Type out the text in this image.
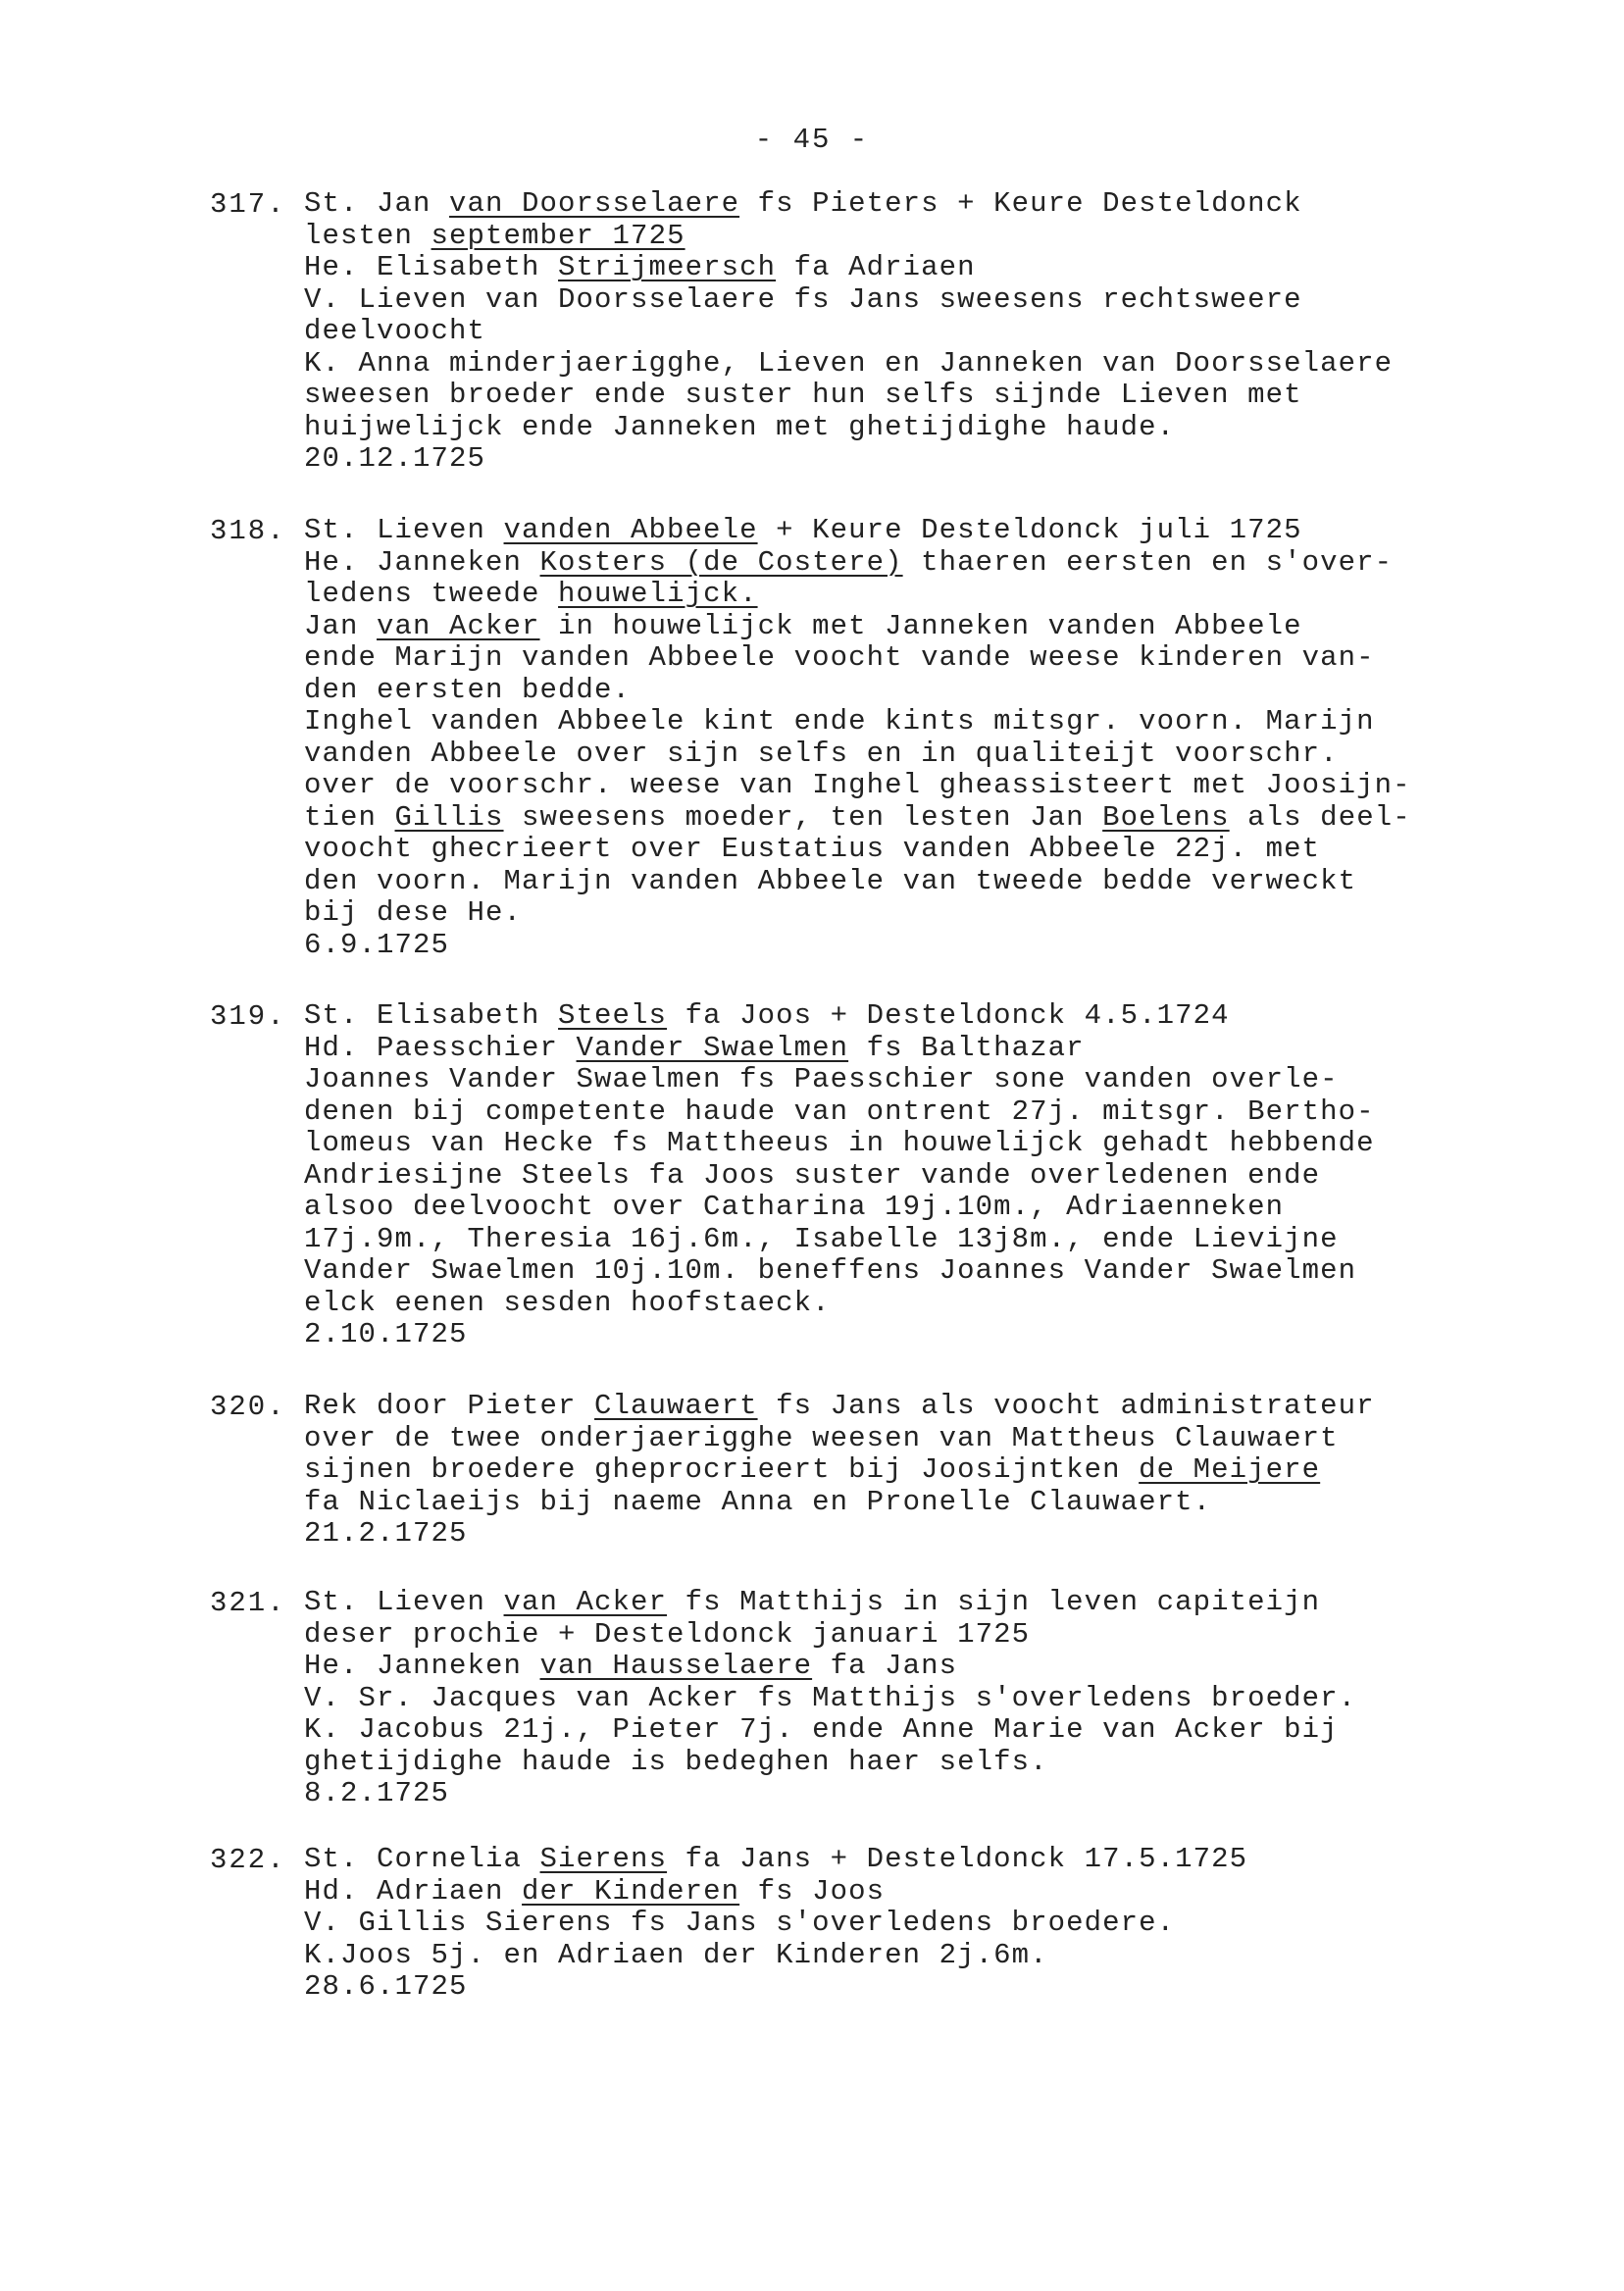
- 45 -
317. St. Jan van Doorsselaere fs Pieters + Keure Desteldonck
lesten september 1725
He. Elisabeth Strijmeersch fa Adriaen
V. Lieven van Doorsselaere fs Jans sweesens rechtsweere
deelvoocht
K. Anna minderjaerigghe, Lieven en Janneken van Doorsselaere
sweesen broeder ende suster hun selfs sijnde Lieven met
huijwelijck ende Janneken met ghetijdighe haude.
20.12.1725
318. St. Lieven vanden Abbeele + Keure Desteldonck juli 1725
He. Janneken Kosters (de Costere) thaeren eersten en s'over-
ledens tweede houwelijck.
Jan van Acker in houwelijck met Janneken vanden Abbeele
ende Marijn vanden Abbeele voocht vande weese kinderen van-
den eersten bedde.
Inghel vanden Abbeele kint ende kints mitsgr. voorn. Marijn
vanden Abbeele over sijn selfs en in qualiteijt voorschr.
over de voorschr. weese van Inghel gheassisteert met Joosijn-
tien Gillis sweesens moeder, ten lesten Jan Boelens als deel-
voocht ghecrieert over Eustatius vanden Abbeele 22j. met
den voorn. Marijn vanden Abbeele van tweede bedde verweckt
bij dese He.
6.9.1725
319. St. Elisabeth Steels fa Joos + Desteldonck 4.5.1724
Hd. Paesschier Vander Swaelmen fs Balthazar
Joannes Vander Swaelmen fs Paesschier sone vanden overle-
denen bij competente haude van ontrent 27j. mitsgr. Bertho-
lomeus van Hecke fs Mattheeus in houwelijck gehadt hebbende
Andriesijne Steels fa Joos suster vande overledenen ende
alsoo deelvoocht over Catharina 19j.10m., Adriaenneken
17j.9m., Theresia 16j.6m., Isabelle 13j8m., ende Lievijne
Vander Swaelmen 10j.10m. beneffens Joannes Vander Swaelmen
elck eenen sesden hoofstaeck.
2.10.1725
320. Rek door Pieter Clauwaert fs Jans als voocht administrateur
over de twee onderjaerigghe weesen van Mattheus Clauwaert
sijnen broedere gheprocrieert bij Joosijntken de Meijere
fa Niclaeijs bij naeme Anna en Pronelle Clauwaert.
21.2.1725
321. St. Lieven van Acker fs Matthijs in sijn leven capiteijn
deser prochie + Desteldonck januari 1725
He. Janneken van Hausselaere fa Jans
V. Sr. Jacques van Acker fs Matthijs s'overledens broeder.
K. Jacobus 21j., Pieter 7j. ende Anne Marie van Acker bij
ghetijdighe haude is bedeghen haer selfs.
8.2.1725
322. St. Cornelia Sierens fa Jans + Desteldonck 17.5.1725
Hd. Adriaen der Kinderen fs Joos
V. Gillis Sierens fs Jans s'overledens broedere.
K.Joos 5j. en Adriaen der Kinderen 2j.6m.
28.6.1725
